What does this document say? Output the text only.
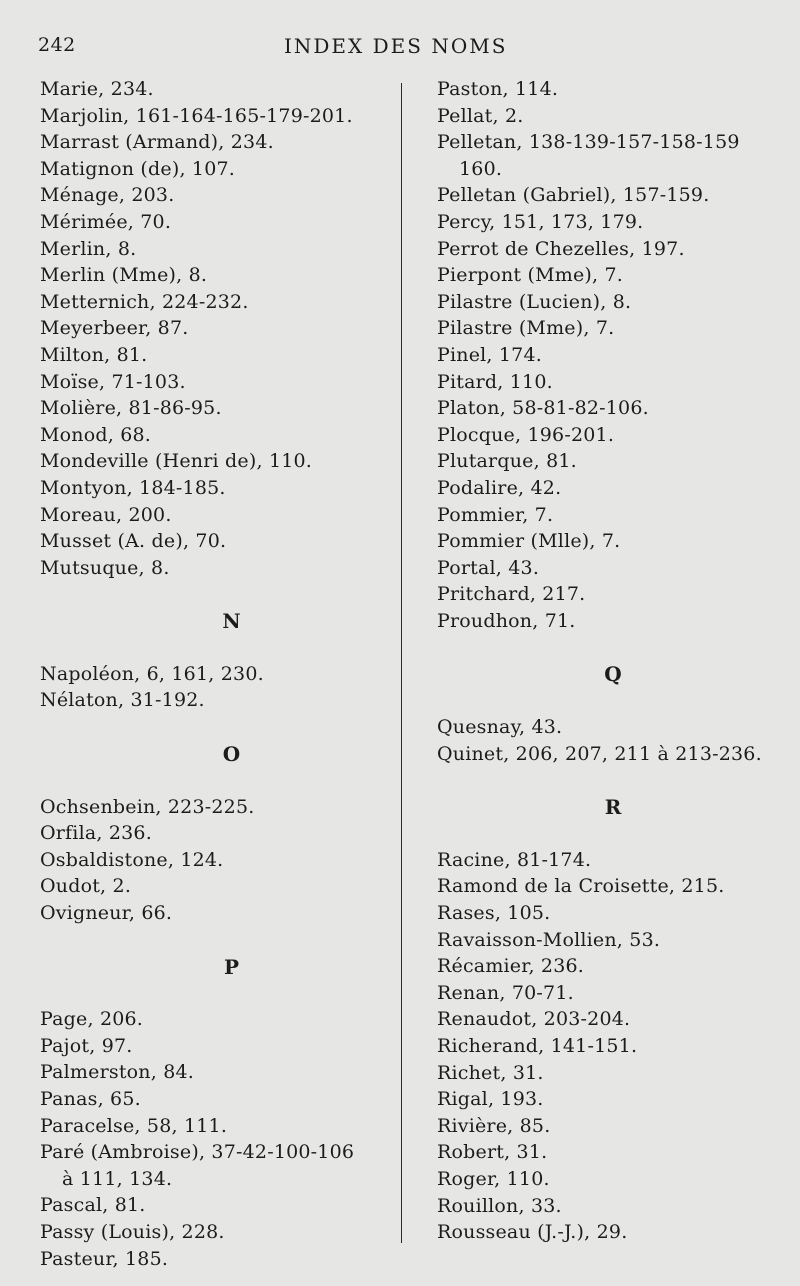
242	INDEX DES NOMS
Marie, 234.
Marjolin, 161-164-165-179-201.
Marrast (Armand), 234.
Matignon (de), 107.
Ménage, 203.
Mérimée, 70.
Merlin, 8.
Merlin (Mme), 8.
Metternich, 224-232.
Meyerbeer, 87.
Milton, 81.
Moïse, 71-103.
Molière, 81-86-95.
Monod, 68.
Mondeville (Henri de), 110.
Montyon, 184-185.
Moreau, 200.
Musset (A. de), 70.
Mutsuque, 8.
N
Napoléon, 6, 161, 230.
Nélaton, 31-192.
O
Ochsenbein, 223-225.
Orfila, 236.
Osbaldistone, 124.
Oudot, 2.
Ovigneur, 66.
P
Page, 206.
Pajot, 97.
Palmerston, 84.
Panas, 65.
Paracelse, 58, 111.
Paré (Ambroise), 37-42-100-106
à 111, 134.
Pascal, 81.
Passy (Louis), 228.
Pasteur, 185.
Paston, 114.
Pellat, 2.
Pelletan, 138-139-157-158-159
160.
Pelletan (Gabriel), 157-159.
Percy, 151, 173, 179.
Perrot de Chezelles, 197.
Pierpont (Mme), 7.
Pilastre (Lucien), 8.
Pilastre (Mme), 7.
Pinel, 174.
Pitard, 110.
Platon, 58-81-82-106.
Plocque, 196-201.
Plutarque, 81.
Podalire, 42.
Pommier, 7.
Pommier (Mlle), 7.
Portal, 43.
Pritchard, 217.
Proudhon, 71.
Q
Quesnay, 43.
Quinet, 206, 207, 211 à 213-236.
R
Racine, 81-174.
Ramond de la Croisette, 215.
Rases, 105.
Ravaisson-Mollien, 53.
Récamier, 236.
Renan, 70-71.
Renaudot, 203-204.
Richerand, 141-151.
Richet, 31.
Rigal, 193.
Rivière, 85.
Robert, 31.
Roger, 110.
Rouillon, 33.
Rousseau (J.-J.), 29.
